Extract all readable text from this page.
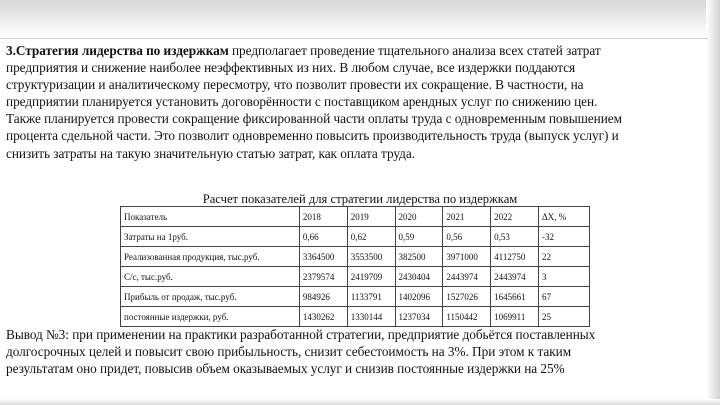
3.Стратегия лидерства по издержкам предполагает проведение тщательного анализа всех статей затрат
предприятия и снижение наиболее неэффективных из них. В любом случае, все издержки поддаются
структуризации и аналитическому пересмотру, что позволит провести их сокращение. В частности, на
предприятии планируется установить договорённости с поставщиком арендных услуг по снижению цен.
Также планируется провести сокращение фиксированной части оплаты труда с одновременным повышением
процента сдельной части. Это позволит одновременно повысить производительность труда (выпуск услуг) и
снизить затраты на такую значительную статью затрат, как оплата труда.

Расчет показателей для стратегии лидерства по издержкам
Показатель	2018	2019	2020	2021	2022	ΔХ, %
Затраты на 1руб.	0,66	0,62	0,59	0,56	0,53	-32
Реализованная продукция, тыс.руб.	3364500	3553500	382500	3971000	4112750	22
С/с, тыс.руб.	2379574	2419709	2430404	2443974	2443974	3
Прибыль от продаж, тыс.руб.	984926	1133791	1402096	1527026	1645661	67
постоянные издержки, руб.	1430262	1330144	1237034	1150442	1069911	25

Вывод №3: при применении на практики разработанной стратегии, предприятие добьётся поставленных
долгосрочных целей и повысит свою прибыльность, снизит себестоимость на 3%. При этом к таким
результатам оно придет, повысив объем оказываемых услуг и снизив постоянные издержки на 25%
